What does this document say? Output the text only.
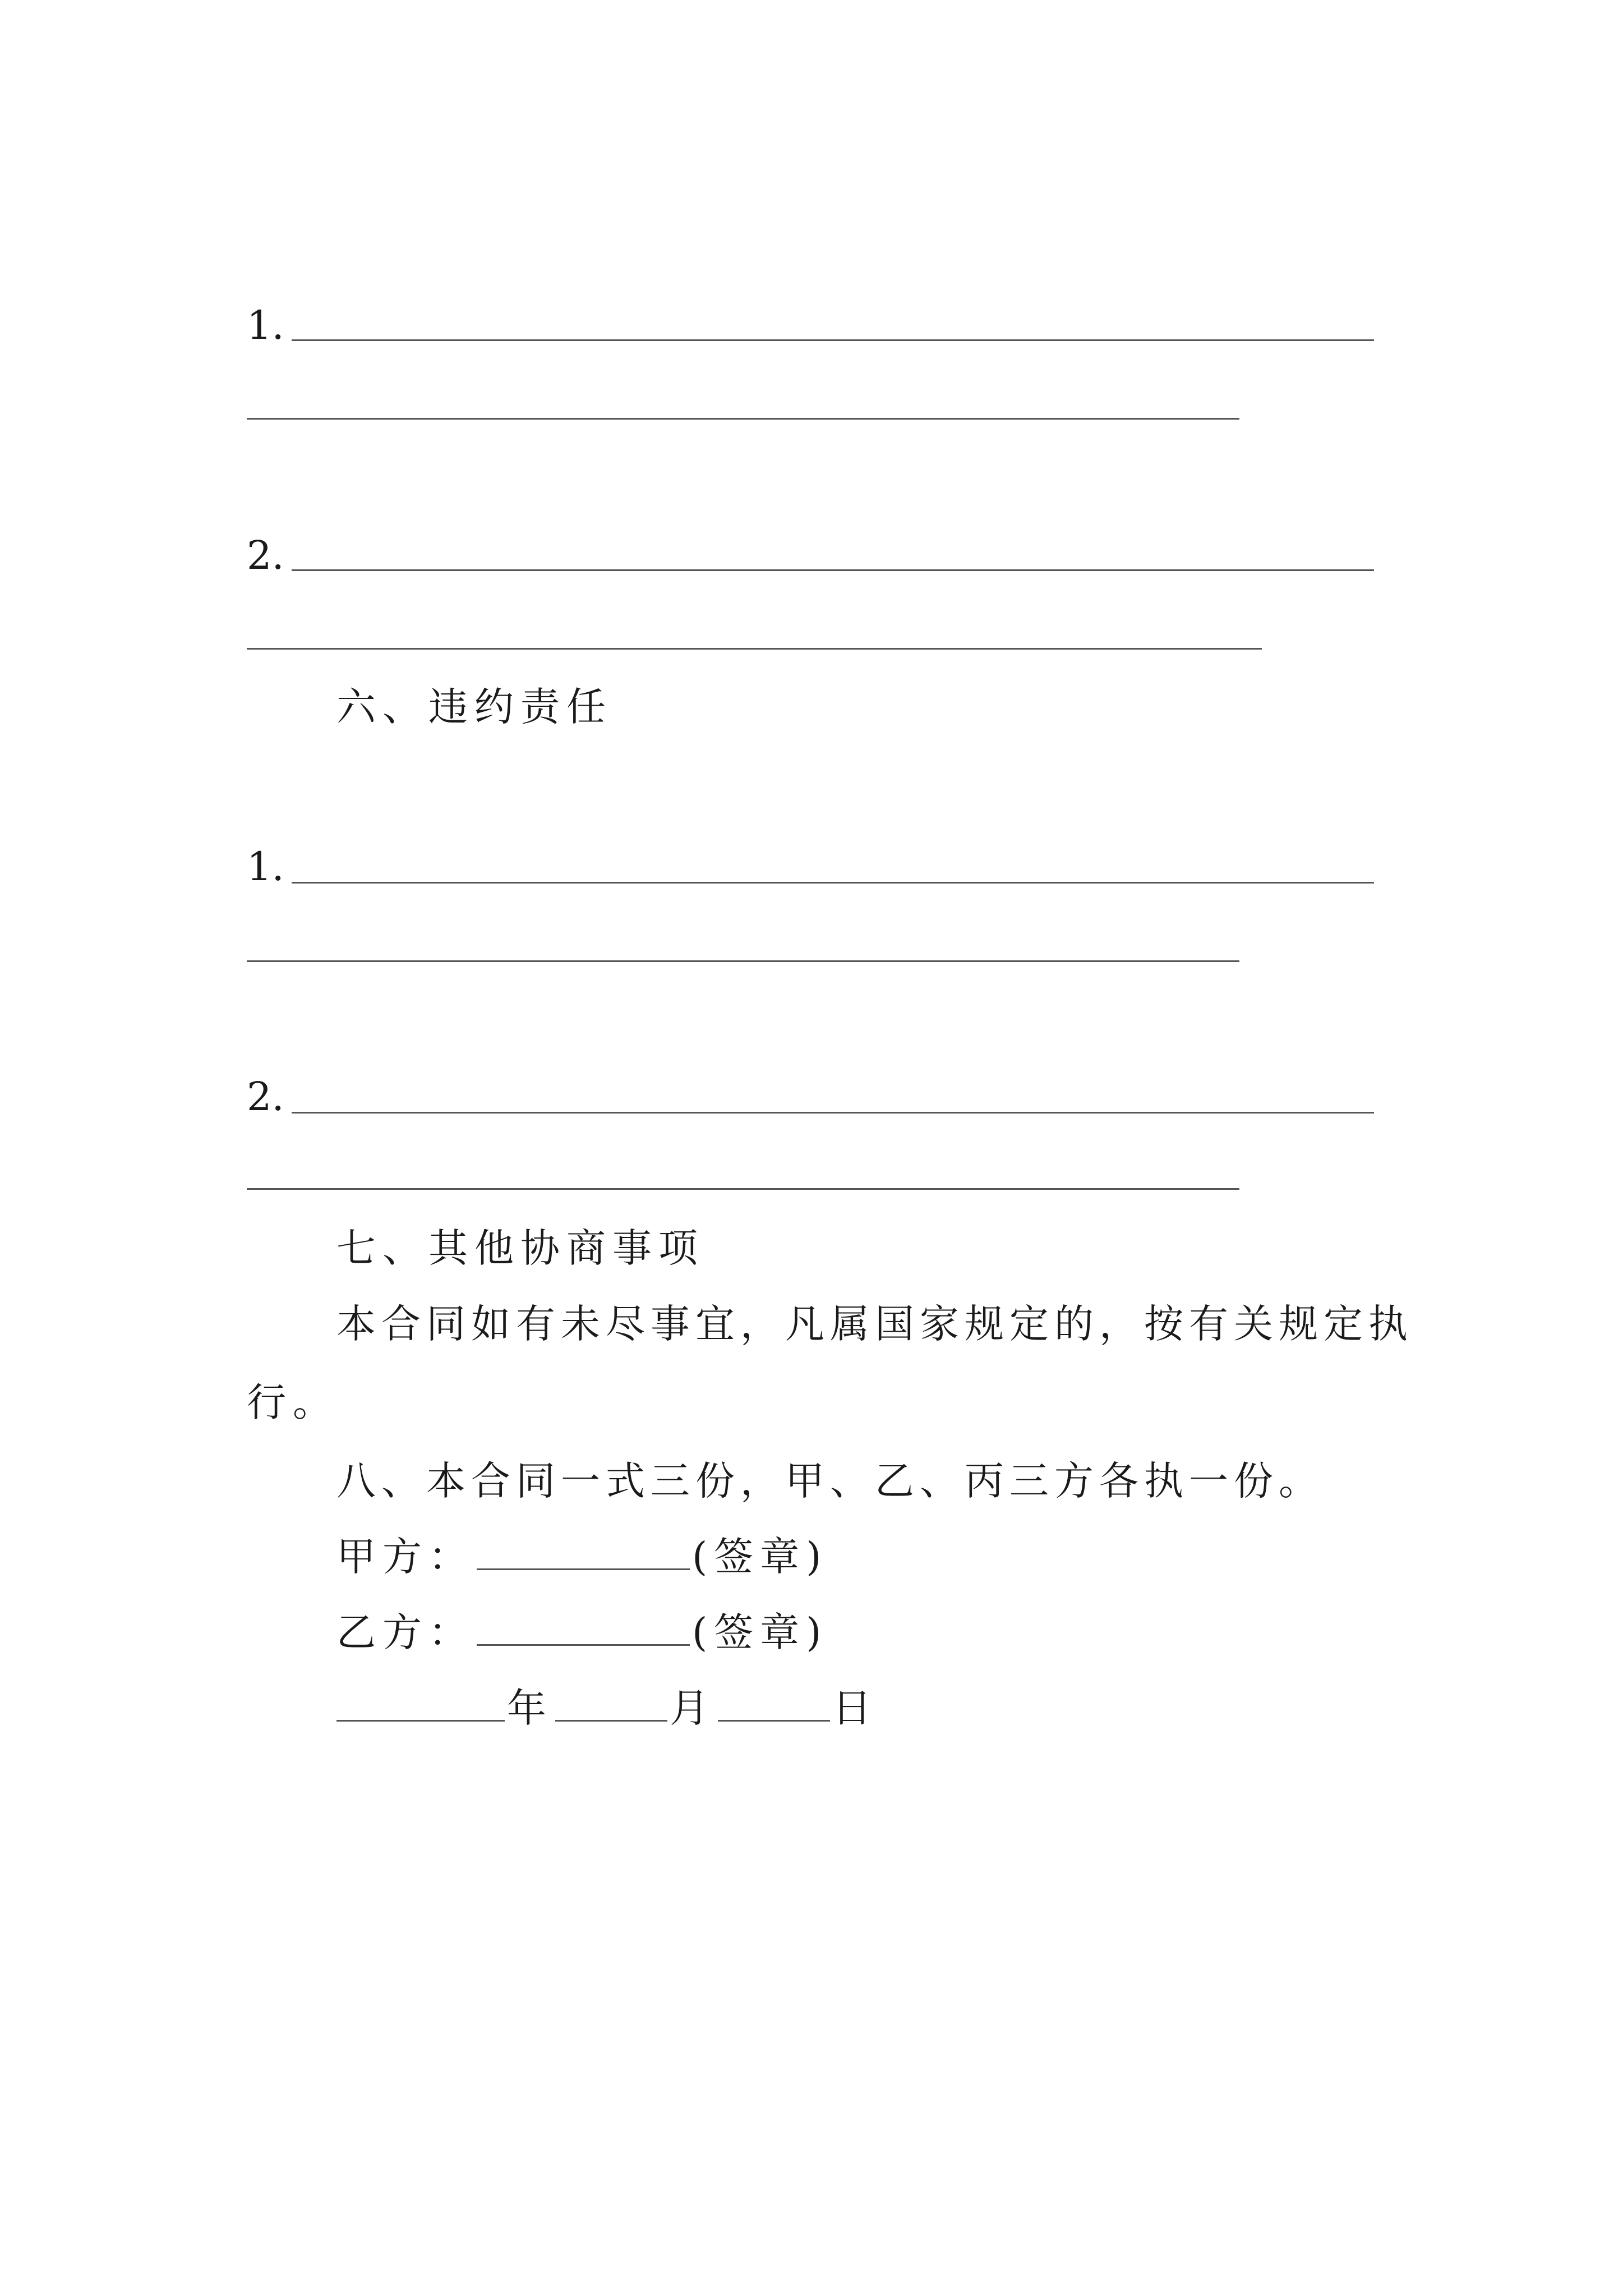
1.
2.
六、违约责任
1.
2.
七、其他协商事项
本合同如有未尽事宜，凡属国家规定的，按有关规定执
行。
八、本合同一式三份，甲、乙、丙三方各执一份。
甲方：	(签章)
乙方：	(签章)
年	月	日
